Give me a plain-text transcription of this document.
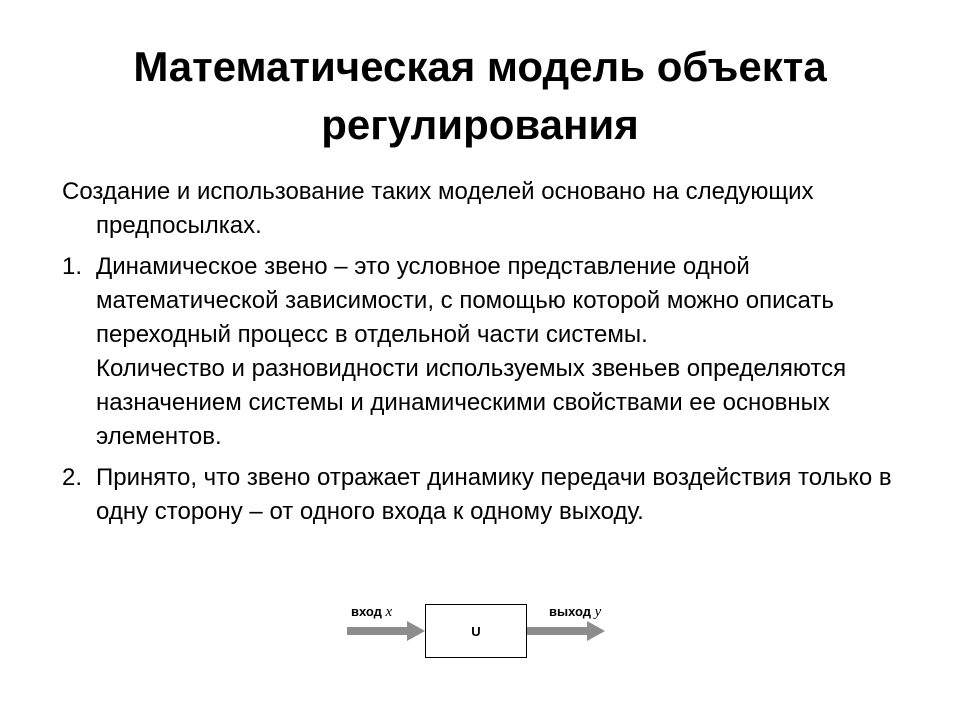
Математическая модель объекта
регулирования

Создание и использование таких моделей основано на следующих предпосылках.

1. Динамическое звено – это условное представление одной математической зависимости, с помощью которой можно описать переходный процесс в отдельной части системы.

Количество и разновидности используемых звеньев определяются назначением системы и динамическими свойствами ее основных элементов.

2. Принято, что звено отражает динамику передачи воздействия только в одну сторону – от одного входа к одному выходу.

вход x
U
выход y
